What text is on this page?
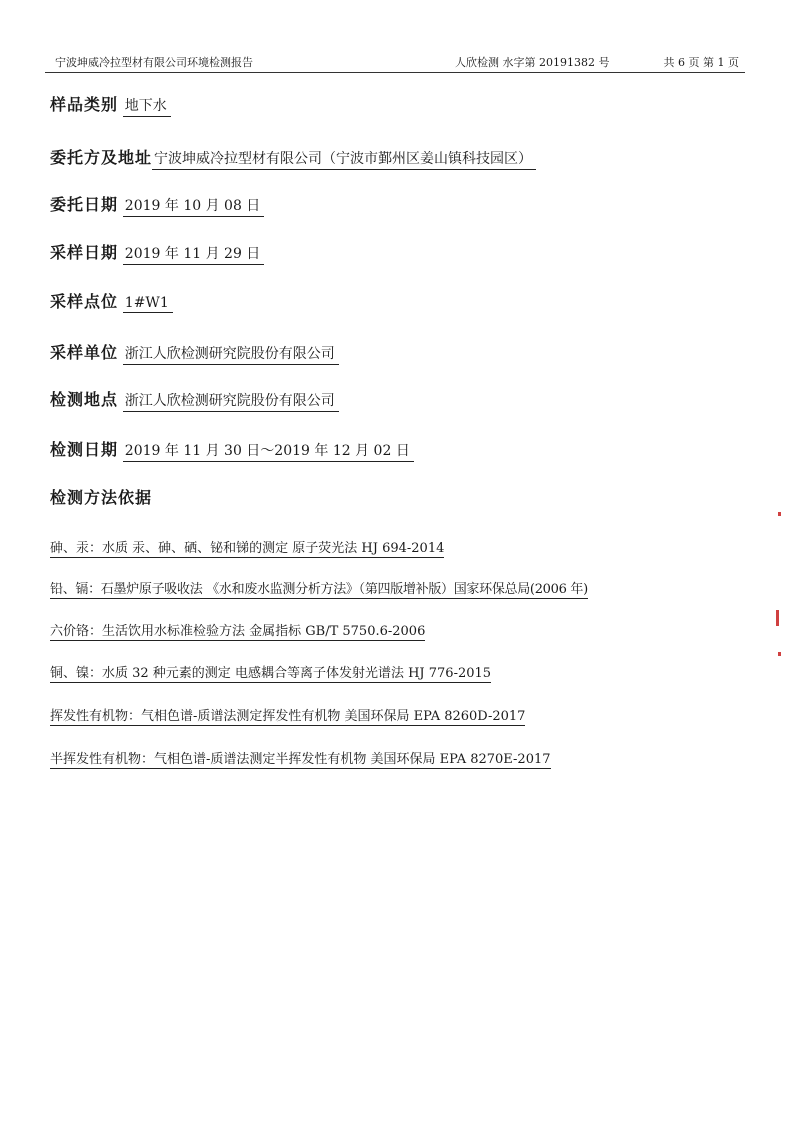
宁波坤威冷拉型材有限公司环境检测报告	人欣检测 水字第 20191382 号	共 6 页 第 1 页
样品类别 地下水
委托方及地址 宁波坤威冷拉型材有限公司（宁波市鄞州区姜山镇科技园区）
委托日期 2019 年 10 月 08 日
采样日期 2019 年 11 月 29 日
采样点位 1#W1
采样单位 浙江人欣检测研究院股份有限公司
检测地点 浙江人欣检测研究院股份有限公司
检测日期 2019 年 11 月 30 日～2019 年 12 月 02 日
检测方法依据
砷、汞：水质 汞、砷、硒、铋和锑的测定 原子荧光法 HJ 694-2014
铅、镉：石墨炉原子吸收法 《水和废水监测分析方法》（第四版增补版）国家环保总局(2006 年)
六价铬：生活饮用水标准检验方法 金属指标 GB/T 5750.6-2006
铜、镍：水质 32 种元素的测定 电感耦合等离子体发射光谱法 HJ 776-2015
挥发性有机物：气相色谱-质谱法测定挥发性有机物 美国环保局 EPA 8260D-2017
半挥发性有机物：气相色谱-质谱法测定半挥发性有机物 美国环保局 EPA 8270E-2017
